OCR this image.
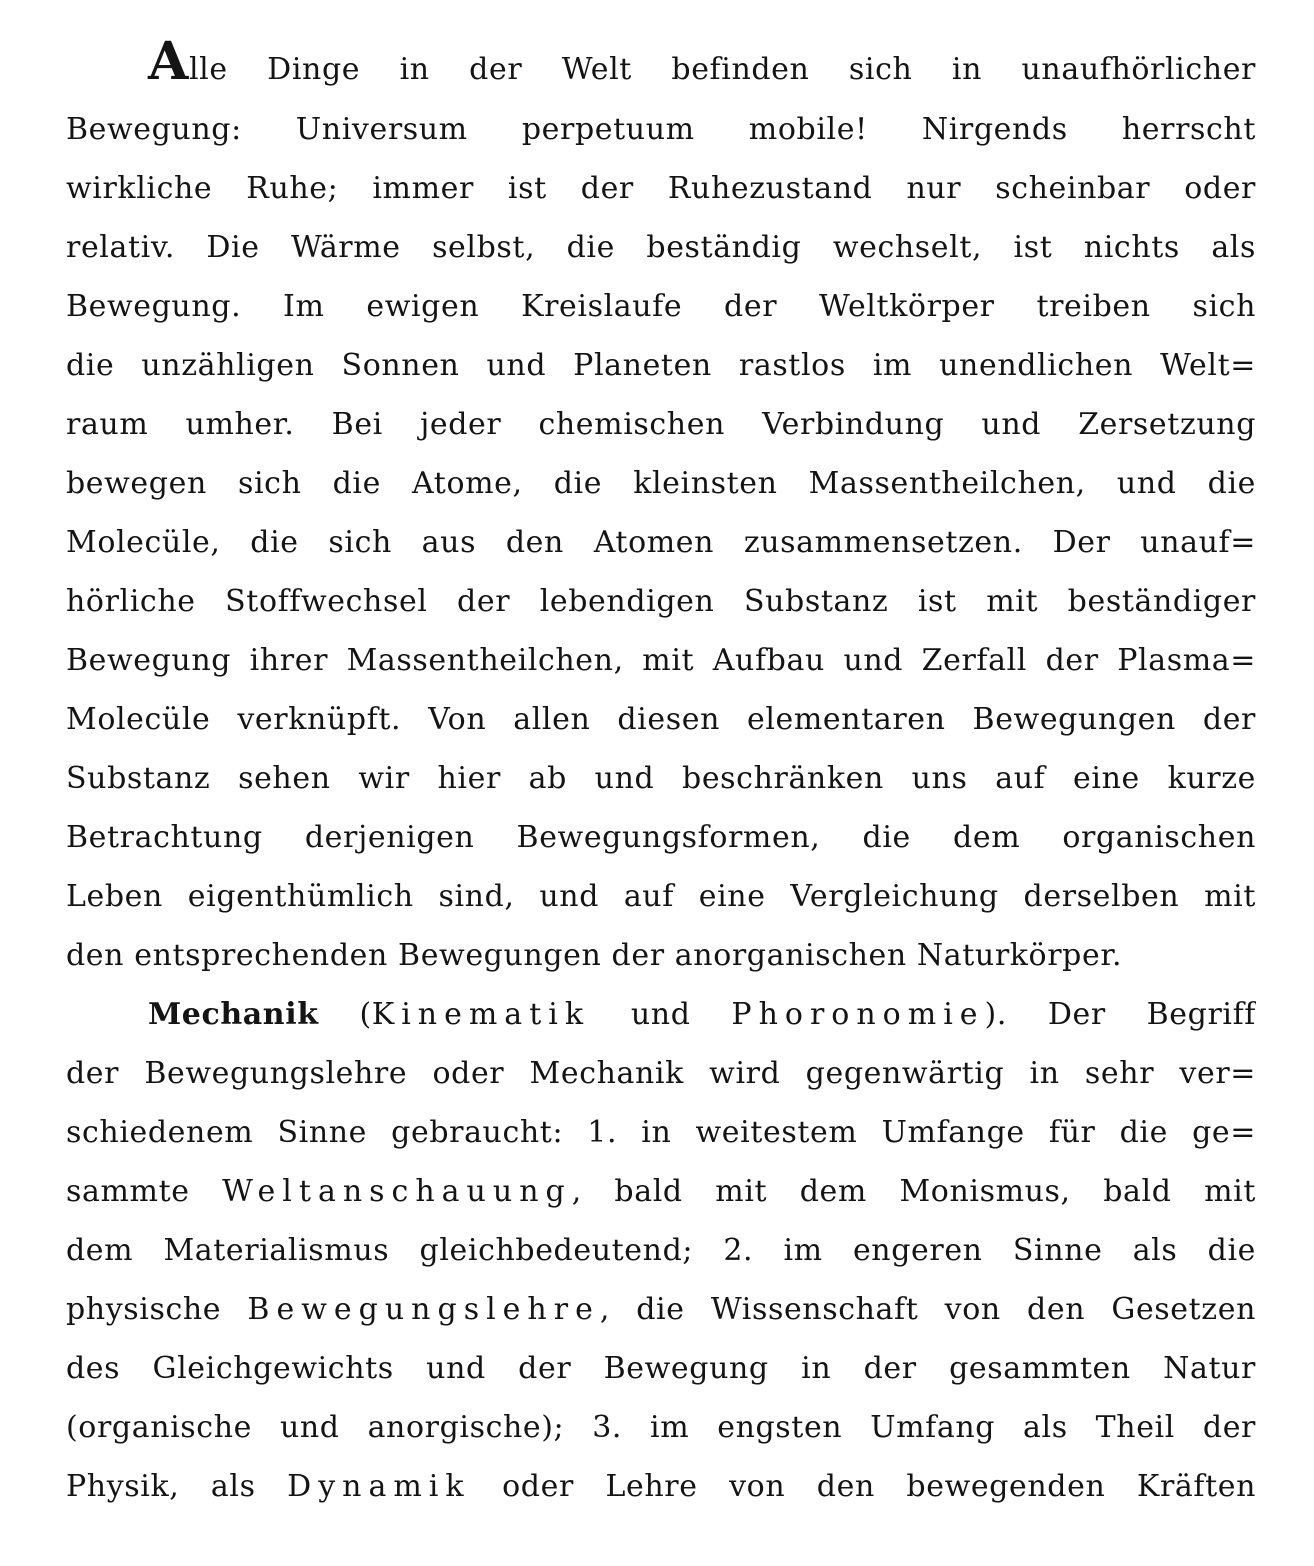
Alle Dinge in der Welt befinden sich in unaufhörlicher
Bewegung: Universum perpetuum mobile! Nirgends herrscht
wirkliche Ruhe; immer ist der Ruhezustand nur scheinbar oder
relativ. Die Wärme selbst, die beständig wechselt, ist nichts als
Bewegung. Im ewigen Kreislaufe der Weltkörper treiben sich
die unzähligen Sonnen und Planeten rastlos im unendlichen Welt=
raum umher. Bei jeder chemischen Verbindung und Zersetzung
bewegen sich die Atome, die kleinsten Massentheilchen, und die
Molecüle, die sich aus den Atomen zusammensetzen. Der unauf=
hörliche Stoffwechsel der lebendigen Substanz ist mit beständiger
Bewegung ihrer Massentheilchen, mit Aufbau und Zerfall der Plasma=
Molecüle verknüpft. Von allen diesen elementaren Bewegungen der
Substanz sehen wir hier ab und beschränken uns auf eine kurze
Betrachtung derjenigen Bewegungsformen, die dem organischen
Leben eigenthümlich sind, und auf eine Vergleichung derselben mit
den entsprechenden Bewegungen der anorganischen Naturkörper.
Mechanik (Kinematik und Phoronomie). Der Begriff
der Bewegungslehre oder Mechanik wird gegenwärtig in sehr ver=
schiedenem Sinne gebraucht: 1. in weitestem Umfange für die ge=
sammte Weltanschauung, bald mit dem Monismus, bald mit
dem Materialismus gleichbedeutend; 2. im engeren Sinne als die
physische Bewegungslehre, die Wissenschaft von den Gesetzen
des Gleichgewichts und der Bewegung in der gesammten Natur
(organische und anorgische); 3. im engsten Umfang als Theil der
Physik, als Dynamik oder Lehre von den bewegenden Kräften
